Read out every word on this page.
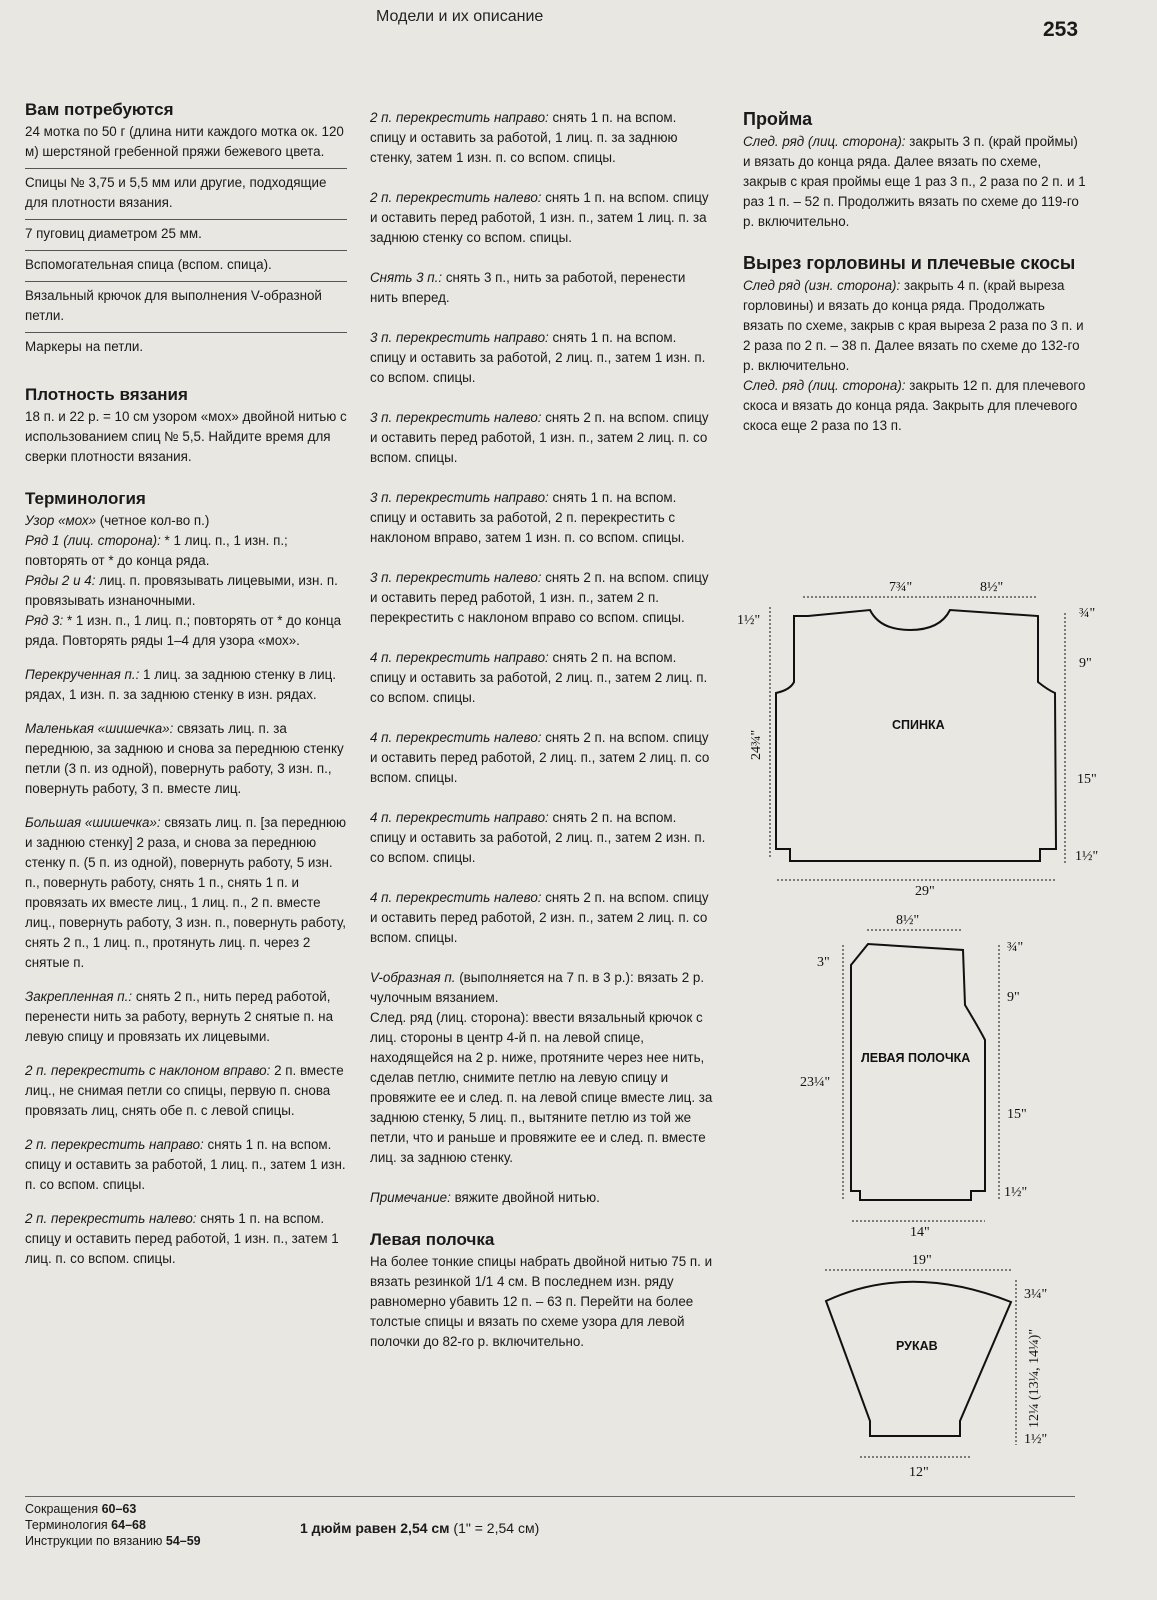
Модели и их описание
253
Вам потребуются
24 мотка по 50 г (длина нити каждого мотка ок. 120 м) шерстяной гребенной пряжи бежевого цвета.
Спицы № 3,75 и 5,5 мм или другие, подходящие для плотности вязания.
7 пуговиц диаметром 25 мм.
Вспомогательная спица (вспом. спица).
Вязальный крючок для выполнения V-образной петли.
Маркеры на петли.
Плотность вязания

18 п. и 22 р. = 10 см узором «мох» двойной нитью с использованием спиц № 5,5. Найдите время для сверки плотности вязания.

Терминология

Узор «мох» (четное кол-во п.)

Ряд 1 (лиц. сторона): * 1 лиц. п., 1 изн. п.; повторять от * до конца ряда.

Ряды 2 и 4: лиц. п. провязывать лицевыми, изн. п. провязывать изнаночными.

Ряд 3: * 1 изн. п., 1 лиц. п.; повторять от * до конца ряда. Повторять ряды 1–4 для узора «мох».

Перекрученная п.: 1 лиц. за заднюю стенку в лиц. рядах, 1 изн. п. за заднюю стенку в изн. рядах.

Маленькая «шишечка»: связать лиц. п. за переднюю, за заднюю и снова за переднюю стенку петли (3 п. из одной), повернуть работу, 3 изн. п., повернуть работу, 3 п. вместе лиц.

Большая «шишечка»: связать лиц. п. [за переднюю и заднюю стенку] 2 раза, и снова за переднюю стенку п. (5 п. из одной), повернуть работу, 5 изн. п., повернуть работу, снять 1 п., снять 1 п. и провязать их вместе лиц., 1 лиц. п., 2 п. вместе лиц., повернуть работу, 3 изн. п., повернуть работу, снять 2 п., 1 лиц. п., протянуть лиц. п. через 2 снятые п.

Закрепленная п.: снять 2 п., нить перед работой, перенести нить за работу, вернуть 2 снятые п. на левую спицу и провязать их лицевыми.

2 п. перекрестить с наклоном вправо: 2 п. вместе лиц., не снимая петли со спицы, первую п. снова провязать лиц, снять обе п. с левой спицы.

2 п. перекрестить направо: снять 1 п. на вспом. спицу и оставить за работой, 1 лиц. п., затем 1 изн. п. со вспом. спицы.

2 п. перекрестить налево: снять 1 п. на вспом. спицу и оставить перед работой, 1 изн. п., затем 1 лиц. п. со вспом. спицы.

2 п. перекрестить направо: снять 1 п. на вспом. спицу и оставить за работой, 1 лиц. п. за заднюю стенку, затем 1 изн. п. со вспом. спицы.

2 п. перекрестить налево: снять 1 п. на вспом. спицу и оставить перед работой, 1 изн. п., затем 1 лиц. п. за заднюю стенку со вспом. спицы.

Снять 3 п.: снять 3 п., нить за работой, перенести нить вперед.

3 п. перекрестить направо: снять 1 п. на вспом. спицу и оставить за работой, 2 лиц. п., затем 1 изн. п. со вспом. спицы.

3 п. перекрестить налево: снять 2 п. на вспом. спицу и оставить перед работой, 1 изн. п., затем 2 лиц. п. со вспом. спицы.

3 п. перекрестить направо: снять 1 п. на вспом. спицу и оставить за работой, 2 п. перекрестить с наклоном вправо, затем 1 изн. п. со вспом. спицы.

3 п. перекрестить налево: снять 2 п. на вспом. спицу и оставить перед работой, 1 изн. п., затем 2 п. перекрестить с наклоном вправо со вспом. спицы.

4 п. перекрестить направо: снять 2 п. на вспом. спицу и оставить за работой, 2 лиц. п., затем 2 лиц. п. со вспом. спицы.

4 п. перекрестить налево: снять 2 п. на вспом. спицу и оставить перед работой, 2 лиц. п., затем 2 лиц. п. со вспом. спицы.

4 п. перекрестить направо: снять 2 п. на вспом. спицу и оставить за работой, 2 лиц. п., затем 2 изн. п. со вспом. спицы.

4 п. перекрестить налево: снять 2 п. на вспом. спицу и оставить перед работой, 2 изн. п., затем 2 лиц. п. со вспом. спицы.

V-образная п. (выполняется на 7 п. в 3 р.): вязать 2 р. чулочным вязанием.

След. ряд (лиц. сторона): ввести вязальный крючок с лиц. стороны в центр 4-й п. на левой спице, находящейся на 2 р. ниже, протяните через нее нить, сделав петлю, снимите петлю на левую спицу и провяжите ее и след. п. на левой спице вместе лиц. за заднюю стенку, 5 лиц. п., вытяните петлю из той же петли, что и раньше и провяжите ее и след. п. вместе лиц. за заднюю стенку.

Примечание: вяжите двойной нитью.

Левая полочка

На более тонкие спицы набрать двойной нитью 75 п. и вязать резинкой 1/1 4 см. В последнем изн. ряду равномерно убавить 12 п. – 63 п. Перейти на более толстые спицы и вязать по схеме узора для левой полочки до 82-го р. включительно.

Пройма

След. ряд (лиц. сторона): закрыть 3 п. (край проймы) и вязать до конца ряда. Далее вязать по схеме, закрыв с края проймы еще 1 раз 3 п., 2 раза по 2 п. и 1 раз 1 п. – 52 п. Продолжить вязать по схеме до 119-го р. включительно.

Вырез горловины и плечевые скосы

След ряд (изн. сторона): закрыть 4 п. (край выреза горловины) и вязать до конца ряда. Продолжать вязать по схеме, закрыв с края выреза 2 раза по 3 п. и 2 раза по 2 п. – 38 п. Далее вязать по схеме до 132-го р. включительно.

След. ряд (лиц. сторона): закрыть 12 п. для плечевого скоса и вязать до конца ряда. Закрыть для плечевого скоса еще 2 раза по 13 п.

7¾"	8½"
1½"	¾"
9"
15"
1½"
24¾"
29"
СПИНКА
8½"
3"
¾"
9"
15"
1½"
23¼"
14"
ЛЕВАЯ ПОЛОЧКА
19"
3¼"
12¼ (13¼, 14¼)"
1½"
12"
РУКАВ
Сокращения 60–63
Терминология 64–68
Инструкции по вязанию 54–59
1 дюйм равен 2,54 см (1" = 2,54 см)
